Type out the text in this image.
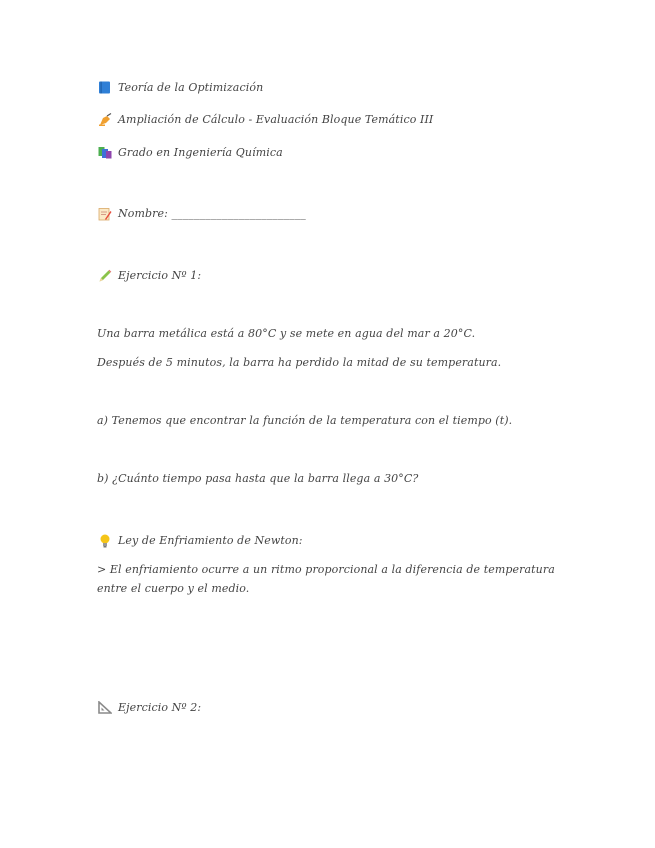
Teoría de la Optimización
Ampliación de Cálculo - Evaluación Bloque Temático III
Grado en Ingeniería Química
Nombre: ________________________
Ejercicio Nº 1:
Una barra metálica está a 80°C y se mete en agua del mar a 20°C.
Después de 5 minutos, la barra ha perdido la mitad de su temperatura.
a) Tenemos que encontrar la función de la temperatura con el tiempo (t).
b) ¿Cuánto tiempo pasa hasta que la barra llega a 30°C?
Ley de Enfriamiento de Newton:
> El enfriamiento ocurre a un ritmo proporcional a la diferencia de temperatura entre el cuerpo y el medio.
Ejercicio Nº 2:
